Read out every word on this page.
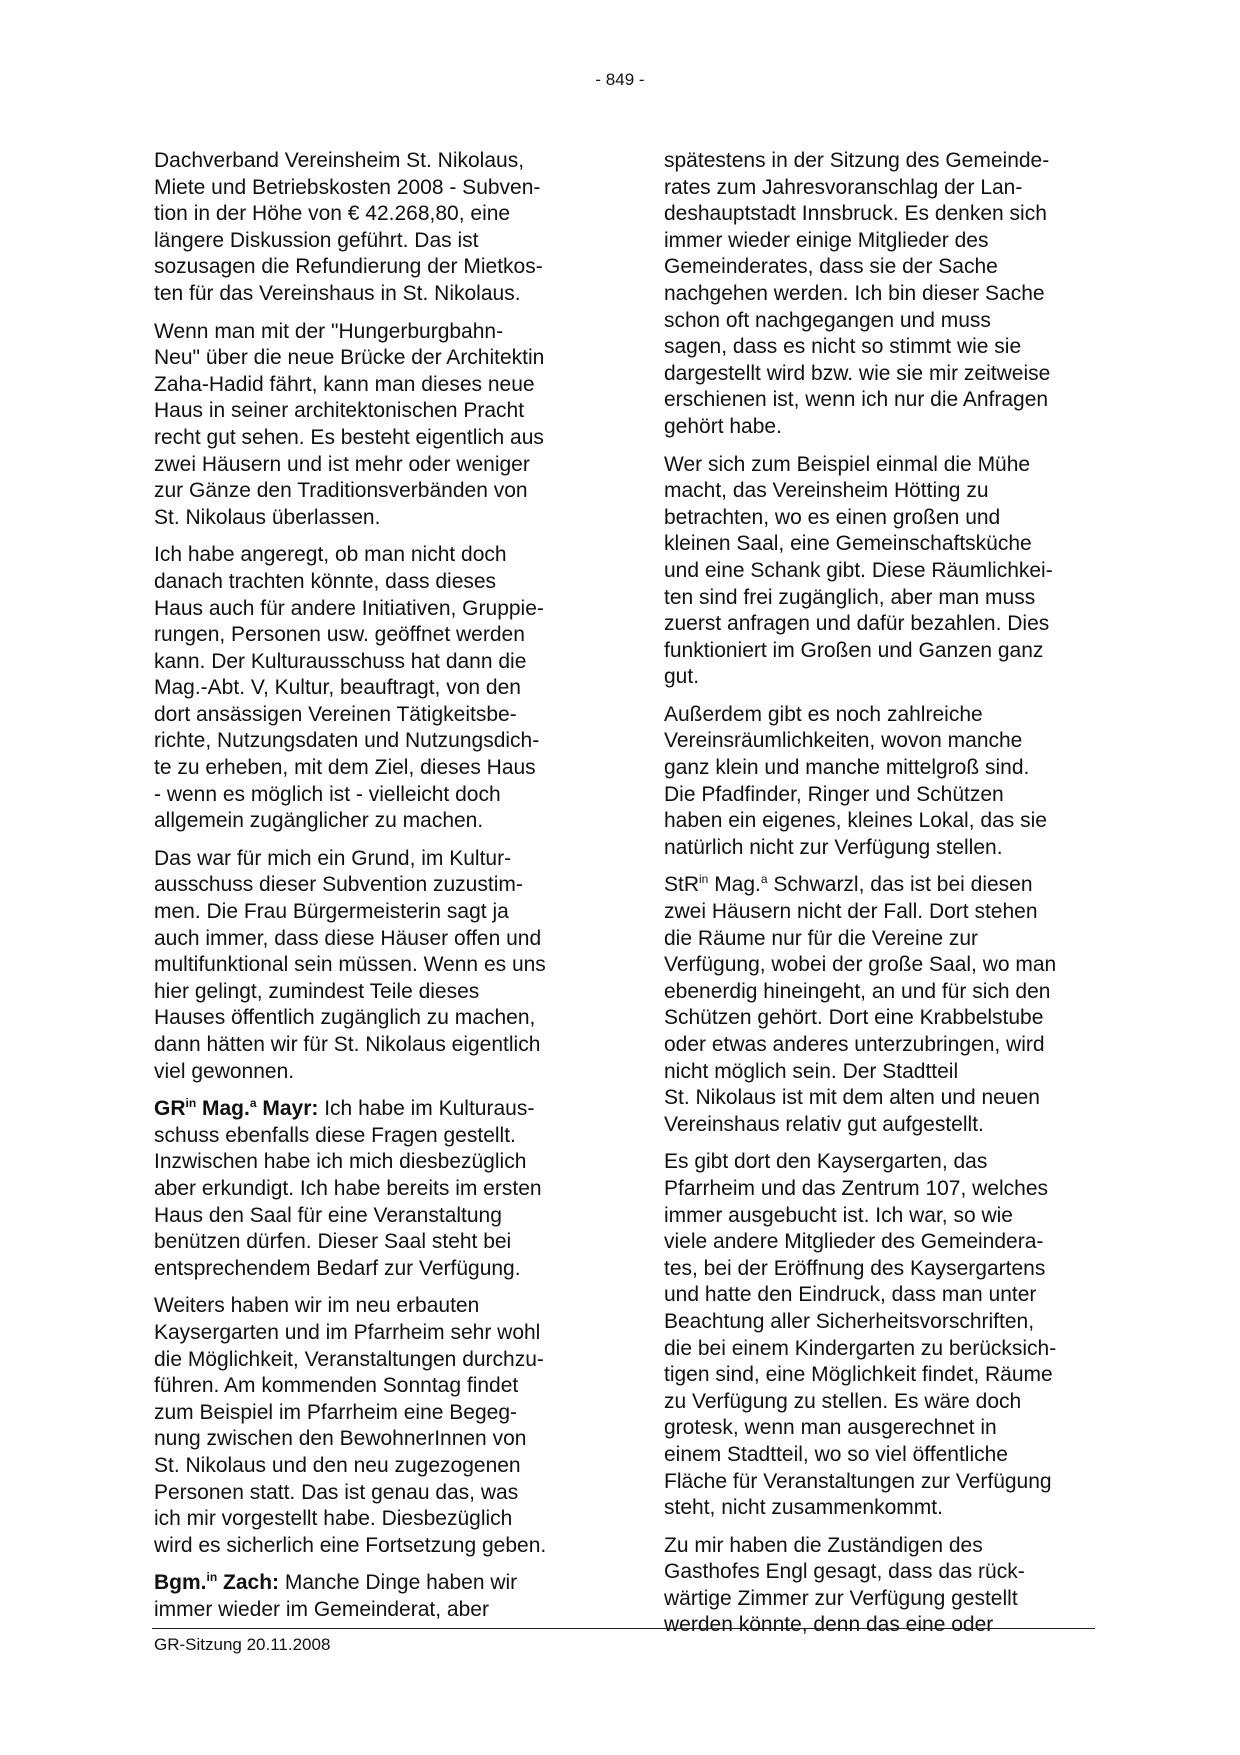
- 849 -

Dachverband Vereinsheim St. Nikolaus,
Miete und Betriebskosten 2008 - Subven-
tion in der Höhe von € 42.268,80, eine
längere Diskussion geführt. Das ist
sozusagen die Refundierung der Mietkos-
ten für das Vereinshaus in St. Nikolaus.

Wenn man mit der "Hungerburgbahn-
Neu" über die neue Brücke der Architektin
Zaha-Hadid fährt, kann man dieses neue
Haus in seiner architektonischen Pracht
recht gut sehen. Es besteht eigentlich aus
zwei Häusern und ist mehr oder weniger
zur Gänze den Traditionsverbänden von
St. Nikolaus überlassen.

Ich habe angeregt, ob man nicht doch
danach trachten könnte, dass dieses
Haus auch für andere Initiativen, Gruppie-
rungen, Personen usw. geöffnet werden
kann. Der Kulturausschuss hat dann die
Mag.-Abt. V, Kultur, beauftragt, von den
dort ansässigen Vereinen Tätigkeitsbe-
richte, Nutzungsdaten und Nutzungsdich-
te zu erheben, mit dem Ziel, dieses Haus
- wenn es möglich ist - vielleicht doch
allgemein zugänglicher zu machen.

Das war für mich ein Grund, im Kultur-
ausschuss dieser Subvention zuzustim-
men. Die Frau Bürgermeisterin sagt ja
auch immer, dass diese Häuser offen und
multifunktional sein müssen. Wenn es uns
hier gelingt, zumindest Teile dieses
Hauses öffentlich zugänglich zu machen,
dann hätten wir für St. Nikolaus eigentlich
viel gewonnen.

$GR^{in}$ Mag.$^a$ Mayr: Ich habe im Kulturaus-
schuss ebenfalls diese Fragen gestellt.
Inzwischen habe ich mich diesbezüglich
aber erkundigt. Ich habe bereits im ersten
Haus den Saal für eine Veranstaltung
benützen dürfen. Dieser Saal steht bei
entsprechendem Bedarf zur Verfügung.

Weiters haben wir im neu erbauten
Kaysergarten und im Pfarrheim sehr wohl
die Möglichkeit, Veranstaltungen durchzu-
führen. Am kommenden Sonntag findet
zum Beispiel im Pfarrheim eine Begeg-
nung zwischen den BewohnerInnen von
St. Nikolaus und den neu zugezogenen
Personen statt. Das ist genau das, was
ich mir vorgestellt habe. Diesbezüglich
wird es sicherlich eine Fortsetzung geben.

Bgm.$^{in}$ Zach: Manche Dinge haben wir
immer wieder im Gemeinderat, aber

spätestens in der Sitzung des Gemeinde-
rates zum Jahresvoranschlag der Lan-
deshauptstadt Innsbruck. Es denken sich
immer wieder einige Mitglieder des
Gemeinderates, dass sie der Sache
nachgehen werden. Ich bin dieser Sache
schon oft nachgegangen und muss
sagen, dass es nicht so stimmt wie sie
dargestellt wird bzw. wie sie mir zeitweise
erschienen ist, wenn ich nur die Anfragen
gehört habe.

Wer sich zum Beispiel einmal die Mühe
macht, das Vereinsheim Hötting zu
betrachten, wo es einen großen und
kleinen Saal, eine Gemeinschaftsküche
und eine Schank gibt. Diese Räumlichkei-
ten sind frei zugänglich, aber man muss
zuerst anfragen und dafür bezahlen. Dies
funktioniert im Großen und Ganzen ganz
gut.

Außerdem gibt es noch zahlreiche
Vereinsräumlichkeiten, wovon manche
ganz klein und manche mittelgroß sind.
Die Pfadfinder, Ringer und Schützen
haben ein eigenes, kleines Lokal, das sie
natürlich nicht zur Verfügung stellen.

StR$^{in}$ Mag.$^a$ Schwarzl, das ist bei diesen
zwei Häusern nicht der Fall. Dort stehen
die Räume nur für die Vereine zur
Verfügung, wobei der große Saal, wo man
ebenerdig hineingeht, an und für sich den
Schützen gehört. Dort eine Krabbelstube
oder etwas anderes unterzubringen, wird
nicht möglich sein. Der Stadtteil
St. Nikolaus ist mit dem alten und neuen
Vereinshaus relativ gut aufgestellt.

Es gibt dort den Kaysergarten, das
Pfarrheim und das Zentrum 107, welches
immer ausgebucht ist. Ich war, so wie
viele andere Mitglieder des Gemeindera-
tes, bei der Eröffnung des Kaysergartens
und hatte den Eindruck, dass man unter
Beachtung aller Sicherheitsvorschriften,
die bei einem Kindergarten zu berücksich-
tigen sind, eine Möglichkeit findet, Räume
zu Verfügung zu stellen. Es wäre doch
grotesk, wenn man ausgerechnet in
einem Stadtteil, wo so viel öffentliche
Fläche für Veranstaltungen zur Verfügung
steht, nicht zusammenkommt.

Zu mir haben die Zuständigen des
Gasthofes Engl gesagt, dass das rück-
wärtige Zimmer zur Verfügung gestellt
werden könnte, denn das eine oder

GR-Sitzung 20.11.2008
